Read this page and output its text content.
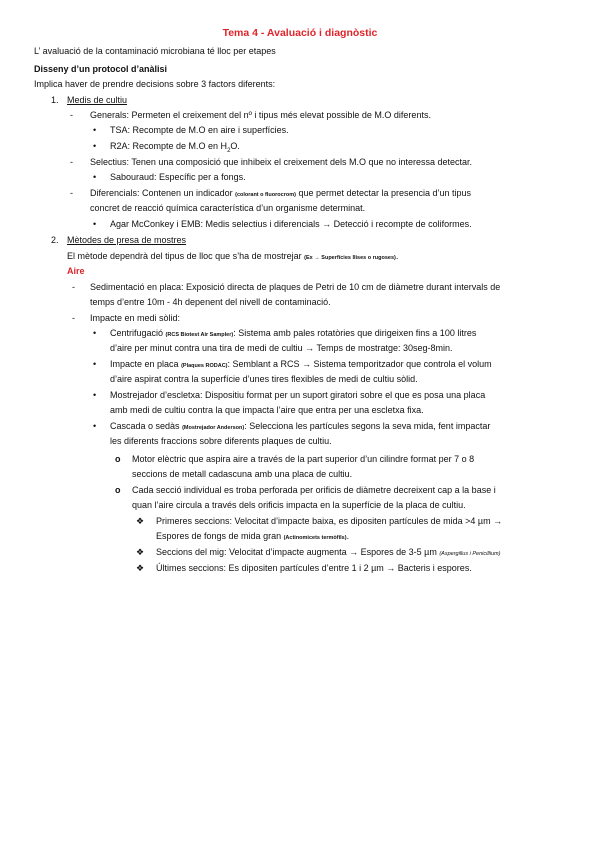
Tema 4 - Avaluació i diagnòstic
L’ avaluació de la contaminació microbiana té lloc per etapes
Disseny d’un protocol d’anàlisi
Implica haver de prendre decisions sobre 3 factors diferents:
1. Medis de cultiu
- Generals: Permeten el creixement del nº i tipus més elevat possible de M.O diferents.
• TSA: Recompte de M.O en aire i superfícies.
• R2A: Recompte de M.O en $H_2O$.
- Selectius: Tenen una composició que inhibeix el creixement dels M.O que no interessa detectar.
• Sabouraud: Específic per a fongs.
- Diferencials: Contenen un indicador (colorant o fluorocrom) que permet detectar la presencia d’un tipus
concret de reacció química característica d’un organisme determinat.
• Agar McConkey i EMB: Medis selectius i diferencials → Detecció i recompte de coliformes.
2. Mètodes de presa de mostres
El mètode dependrà del tipus de lloc que s’ha de mostrejar (Ex → Superfícies llises o rugoses).
Aire
- Sedimentació en placa: Exposició directa de plaques de Petri de 10 cm de diàmetre durant intervals de
temps d’entre 10m - 4h depenent del nivell de contaminació.
- Impacte en medi sòlid:
• Centrifugació (RCS Biotest Air Sampler): Sistema amb pales rotatòries que dirigeixen fins a 100 litres
d’aire per minut contra una tira de medi de cultiu → Temps de mostratge: 30seg-8min.
• Impacte en placa (Plaques RODAC): Semblant a RCS → Sistema temporitzador que controla el volum
d’aire aspirat contra la superfície d’unes tires flexibles de medi de cultiu sòlid.
• Mostrejador d’escletxa: Dispositiu format per un suport giratori sobre el que es posa una placa
amb medi de cultiu contra la que impacta l’aire que entra per una escletxa fixa.
• Cascada o sedàs (Mostrejador Anderson): Selecciona les partícules segons la seva mida, fent impactar
les diferents fraccions sobre diferents plaques de cultiu.
o Motor elèctric que aspira aire a través de la part superior d’un cilindre format per 7 o 8
seccions de metall cadascuna amb una placa de cultiu.
o Cada secció individual es troba perforada per orificis de diàmetre decreixent cap a la base i
quan l’aire circula a través dels orificis impacta en la superfície de la placa de cultiu.
❖ Primeres seccions: Velocitat d’impacte baixa, es dipositen partícules de mida >4 µm →
Espores de fongs de mida gran (Actinomicets termòfils).
❖ Seccions del mig: Velocitat d’impacte augmenta → Espores de 3-5 µm (Aspergillus i Penicillium)
❖ Últimes seccions: Es dipositen partícules d’entre 1 i 2 µm → Bacteris i espores.
